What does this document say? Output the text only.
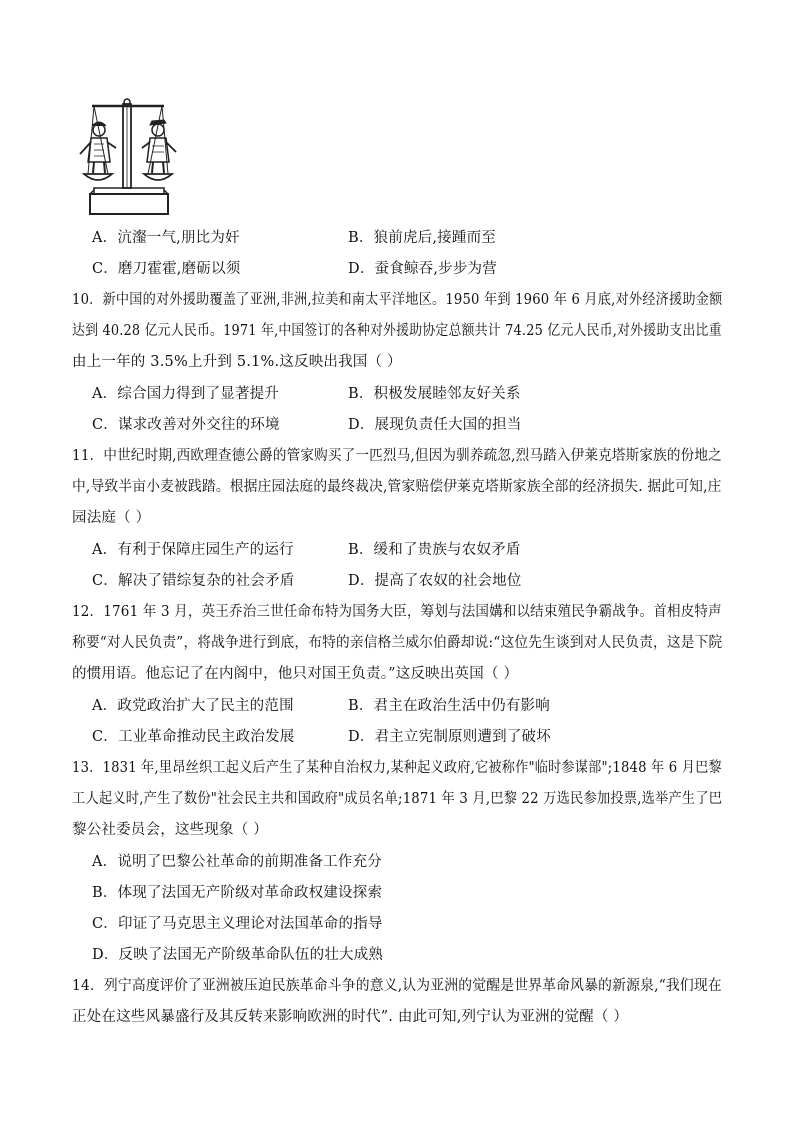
A．沆瀣一气,朋比为奸	B．狼前虎后,接踵而至
C．磨刀霍霍,磨砺以须	D．蚕食鲸吞,步步为营
10．新中国的对外援助覆盖了亚洲,非洲,拉美和南太平洋地区。1950 年到 1960 年 6 月底,对外经济援助金额
达到 40.28 亿元人民币。1971 年,中国签订的各种对外援助协定总额共计 74.25 亿元人民币,对外援助支出比重
由上一年的 3.5%上升到 5.1%.这反映出我国（ ）
A．综合国力得到了显著提升	B．积极发展睦邻友好关系
C．谋求改善对外交往的环境	D．展现负责任大国的担当
11．中世纪时期,西欧理查德公爵的管家购买了一匹烈马,但因为驯养疏忽,烈马踏入伊莱克塔斯家族的份地之
中,导致半亩小麦被践踏。根据庄园法庭的最终裁决,管家赔偿伊莱克塔斯家族全部的经济损失. 据此可知,庄
园法庭（ ）
A．有利于保障庄园生产的运行	B．缓和了贵族与农奴矛盾
C．解决了错综复杂的社会矛盾	D．提高了农奴的社会地位
12．1761 年 3 月，英王乔治三世任命布特为国务大臣，筹划与法国媾和以结束殖民争霸战争。首相皮特声
称要“对人民负责”，将战争进行到底，布特的亲信格兰威尔伯爵却说:“这位先生谈到对人民负责，这是下院
的惯用语。他忘记了在内阁中，他只对国王负责。”这反映出英国（ ）
A．政党政治扩大了民主的范围	B．君主在政治生活中仍有影响
C．工业革命推动民主政治发展	D．君主立宪制原则遭到了破坏
13．1831 年,里昂丝织工起义后产生了某种自治权力,某种起义政府,它被称作"临时参谋部";1848 年 6 月巴黎
工人起义时,产生了数份"社会民主共和国政府"成员名单;1871 年 3 月,巴黎 22 万选民参加投票,选举产生了巴
黎公社委员会，这些现象（ ）
A．说明了巴黎公社革命的前期准备工作充分
B．体现了法国无产阶级对革命政权建设探索
C．印证了马克思主义理论对法国革命的指导
D．反映了法国无产阶级革命队伍的壮大成熟
14．列宁高度评价了亚洲被压迫民族革命斗争的意义,认为亚洲的觉醒是世界革命风暴的新源泉,“我们现在
正处在这些风暴盛行及其反转来影响欧洲的时代”. 由此可知,列宁认为亚洲的觉醒（ ）
